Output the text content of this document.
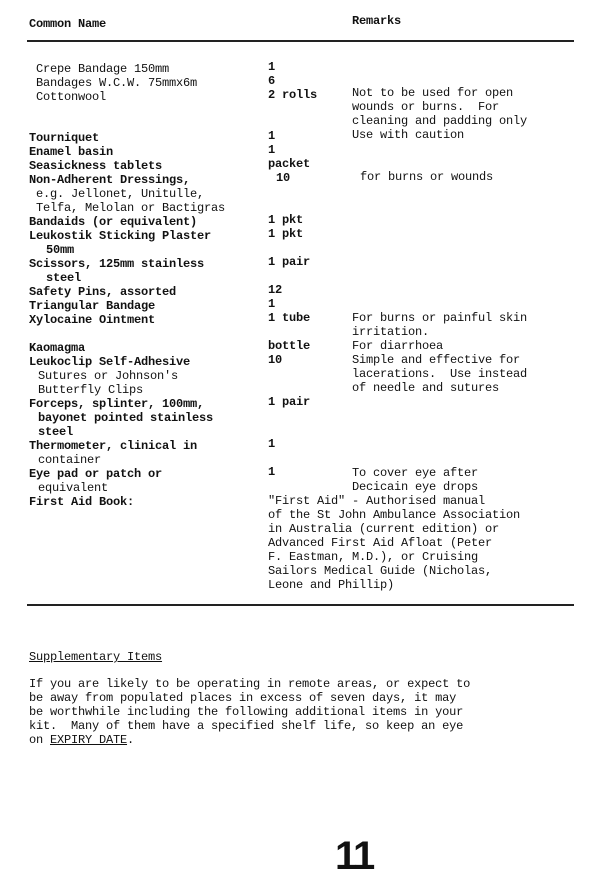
Common Name	Remarks
Crepe Bandage 150mm
Bandages W.C.W. 75mmx6m
Cottonwool
Tourniquet
Enamel basin
Seasickness tablets
Non-Adherent Dressings,
e.g. Jellonet, Unitulle,
Telfa, Melolan or Bactigras
Bandaids (or equivalent)
Leukostik Sticking Plaster
50mm
Scissors, 125mm stainless
steel
Safety Pins, assorted
Triangular Bandage
Xylocaine Ointment
Kaomagma
Leukoclip Self-Adhesive
Sutures or Johnson's
Butterfly Clips
Forceps, splinter, 100mm,
bayonet pointed stainless
steel
Thermometer, clinical in
container
Eye pad or patch or
equivalent
First Aid Book:
1
6
2 rolls
1
1
packet
10
1 pkt
1 pkt
1 pair
12
1
1 tube
bottle
10
1 pair
1
1
Not to be used for open
wounds or burns.  For
cleaning and padding only
Use with caution
for burns or wounds
For burns or painful skin
irritation.
For diarrhoea
Simple and effective for
lacerations.  Use instead
of needle and sutures
To cover eye after
Decicain eye drops
"First Aid" - Authorised manual
of the St John Ambulance Association
in Australia (current edition) or
Advanced First Aid Afloat (Peter
F. Eastman, M.D.), or Cruising
Sailors Medical Guide (Nicholas,
Leone and Phillip)
Supplementary Items
If you are likely to be operating in remote areas, or expect to
be away from populated places in excess of seven days, it may
be worthwhile including the following additional items in your
kit.  Many of them have a specified shelf life, so keep an eye
on EXPIRY DATE.
11
